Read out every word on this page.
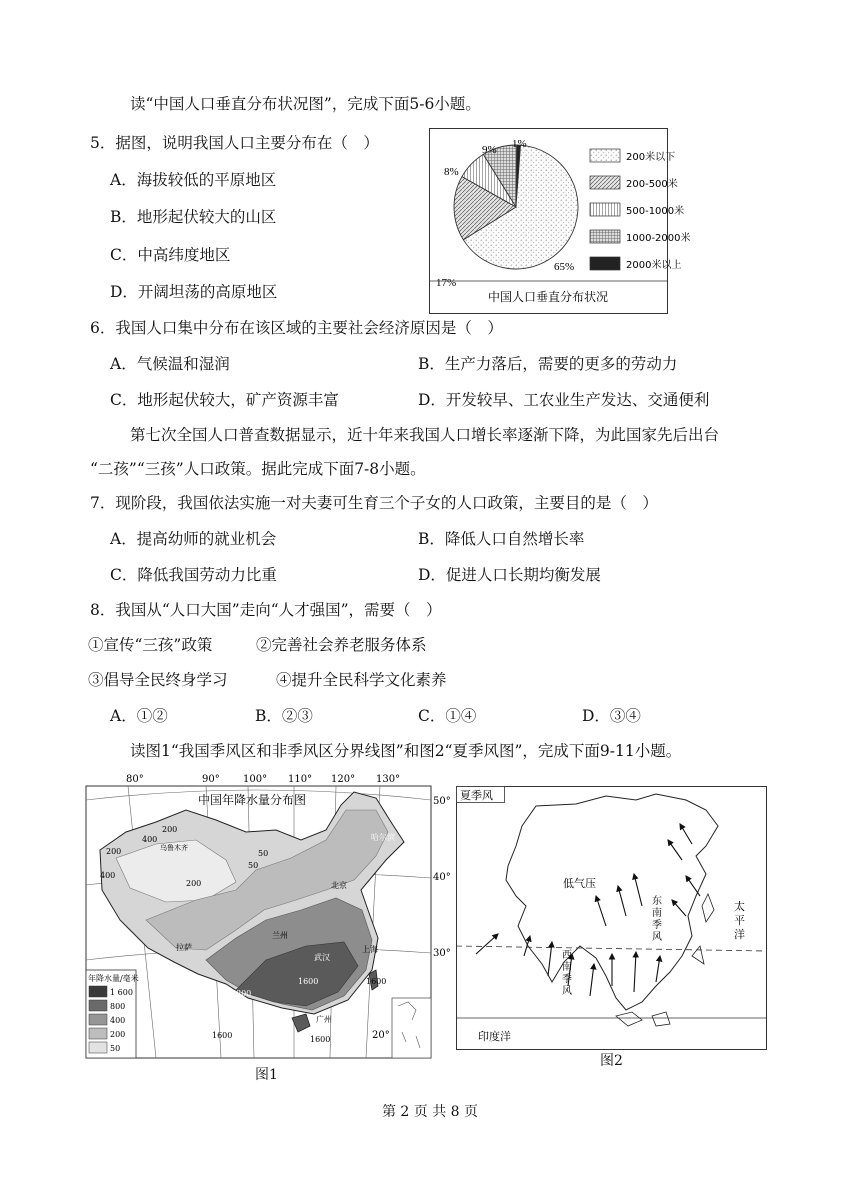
读“中国人口垂直分布状况图”，完成下面5-6小题。
5．据图，说明我国人口主要分布在（　）
A．海拔较低的平原地区
B．地形起伏较大的山区
C．中高纬度地区
D．开阔坦荡的高原地区
200米以下
200-500米
500-1000米
1000-2000米
2000米以上
17%
8%
9% 1%
65%
中国人口垂直分布状况
6．我国人口集中分布在该区域的主要社会经济原因是（　）
A．气候温和湿润	B．生产力落后，需要的更多的劳动力
C．地形起伏较大，矿产资源丰富	D．开发较早、工农业生产发达、交通便利
第七次全国人口普查数据显示，近十年来我国人口增长率逐渐下降，为此国家先后出台
“二孩”“三孩”人口政策。据此完成下面7-8小题。
7．现阶段，我国依法实施一对夫妻可生育三个子女的人口政策，主要目的是（　）
A．提高幼师的就业机会	B．降低人口自然增长率
C．降低我国劳动力比重	D．促进人口长期均衡发展
8．我国从“人口大国”走向“人才强国”，需要（　）
①宣传“三孩”政策	②完善社会养老服务体系
③倡导全民终身学习	④提升全民科学文化素养
A．①②	B．②③	C．①④	D．③④
读图1“我国季风区和非季风区分界线图”和图2“夏季风图”，完成下面9-11小题。
80°	90° 100° 110° 120° 130°
50°
40°
30°
20°
中国年降水量分布图
哈尔滨
北京
兰州
武汉
上海
拉萨
乌鲁木齐
昆明
广州
200
400
50
200
400
800
1600	1600
1600	1600
50
200
年降水量/毫米
1 600
800
400
200
50
图1
夏季风
低气压
太平洋
印度洋
东南季风
西南季风
图2
第 2 页 共 8 页
